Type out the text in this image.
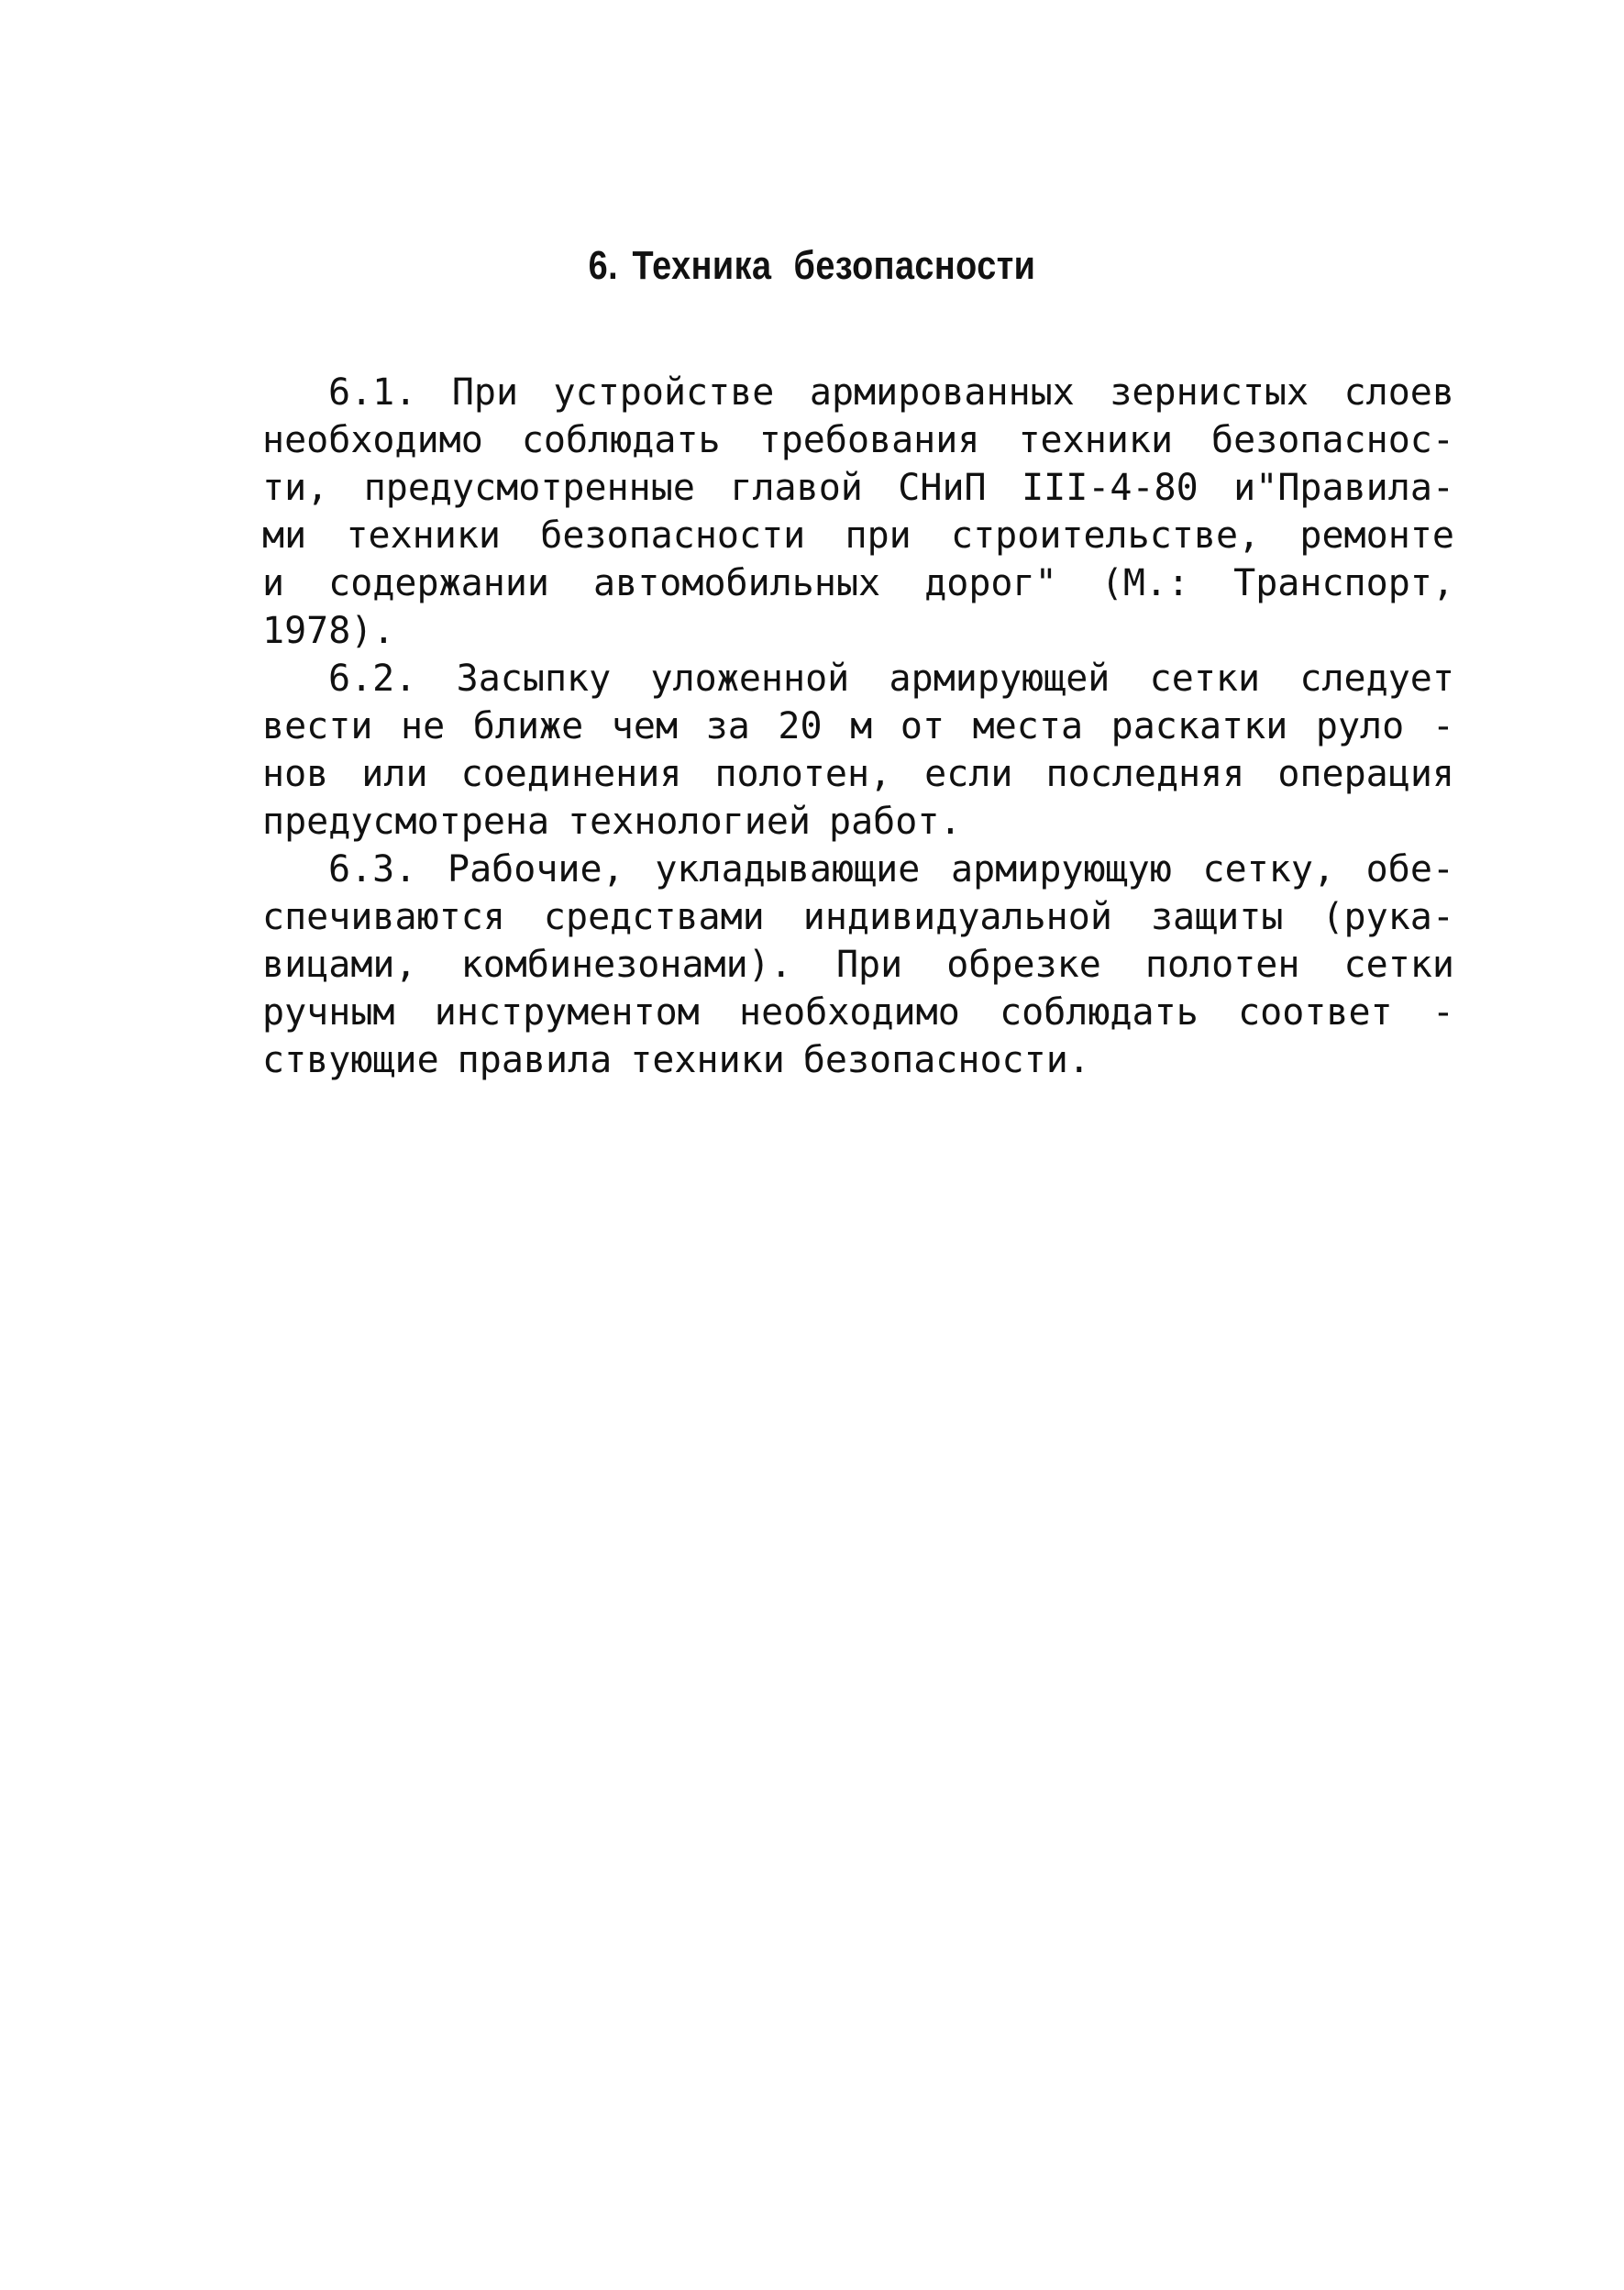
6. Техника безопасности
6.1. При устройстве армированных зернистых слоев
необходимо соблюдать требования техники безопаснос-
ти, предусмотренные главой СНиП III-4-80 и"Правила-
ми техники безопасности при строительстве, ремонте
и содержании автомобильных дорог" (М.: Транспорт,
1978).
6.2. Засыпку уложенной армирующей сетки следует
вести не ближе чем за 20 м от места раскатки руло -
нов или соединения полотен, если последняя операция
предусмотрена технологией работ.
6.3. Рабочие, укладывающие армирующую сетку, обе-
спечиваются средствами индивидуальной защиты (рука-
вицами, комбинезонами). При обрезке полотен сетки
ручным инструментом необходимо соблюдать соответ -
ствующие правила техники безопасности.
